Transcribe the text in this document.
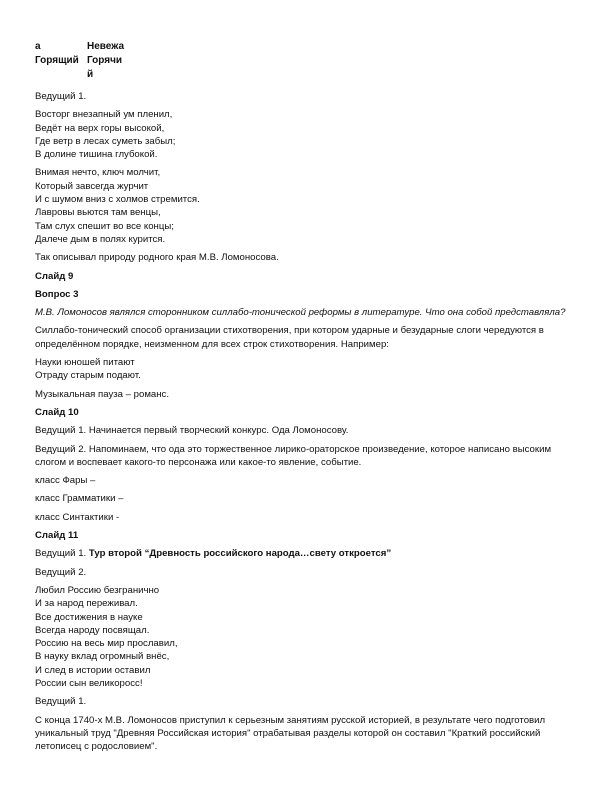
а
Горящий
Невежа
Горячи
й

Ведущий 1.

Восторг внезапный ум пленил,
Ведёт на верх горы высокой,
Где ветр в лесах суметь забыл;
В долине тишина глубокой.
Внимая нечто, ключ молчит,
Который завсегда журчит
И с шумом вниз с холмов стремится.
Лавровы вьются там венцы,
Там слух спешит во все концы;
Далече дым в полях курится.

Так описывал природу родного края М.В. Ломоносова.

Слайд 9

Вопрос 3

М.В. Ломоносов являлся сторонником силлабо-тонической реформы в литературе. Что она собой представляла?

Силлабо-тонический способ организации стихотворения, при котором ударные и безударные слоги чередуются в определённом порядке, неизменном для всех строк стихотворения. Например:

Науки юношей питают
Отраду старым подают.

Музыкальная пауза – романс.

Слайд 10

Ведущий 1. Начинается первый творческий конкурс. Ода Ломоносову.

Ведущий 2. Напоминаем, что ода это торжественное лирико-ораторское произведение, которое написано высоким слогом и воспевает какого-то персонажа или какое-то явление, событие.

класс Фары –

класс Грамматики –

класс Синтактики -

Слайд 11

Ведущий 1. Тур второй “Древность российского народа…свету откроется”

Ведущий 2.

Любил Россию безгранично
И за народ переживал.
Все достижения в науке
Всегда народу посвящал.
Россию на весь мир прославил,
В науку вклад огромный внёс,
И след в истории оставил
России сын великоросс!

Ведущий 1.

С конца 1740-х М.В. Ломоносов приступил к серьезным занятиям русской историей, в результате чего подготовил уникальный труд "Древняя Российская история" отрабатывая разделы которой он составил "Краткий российский летописец с родословием".
